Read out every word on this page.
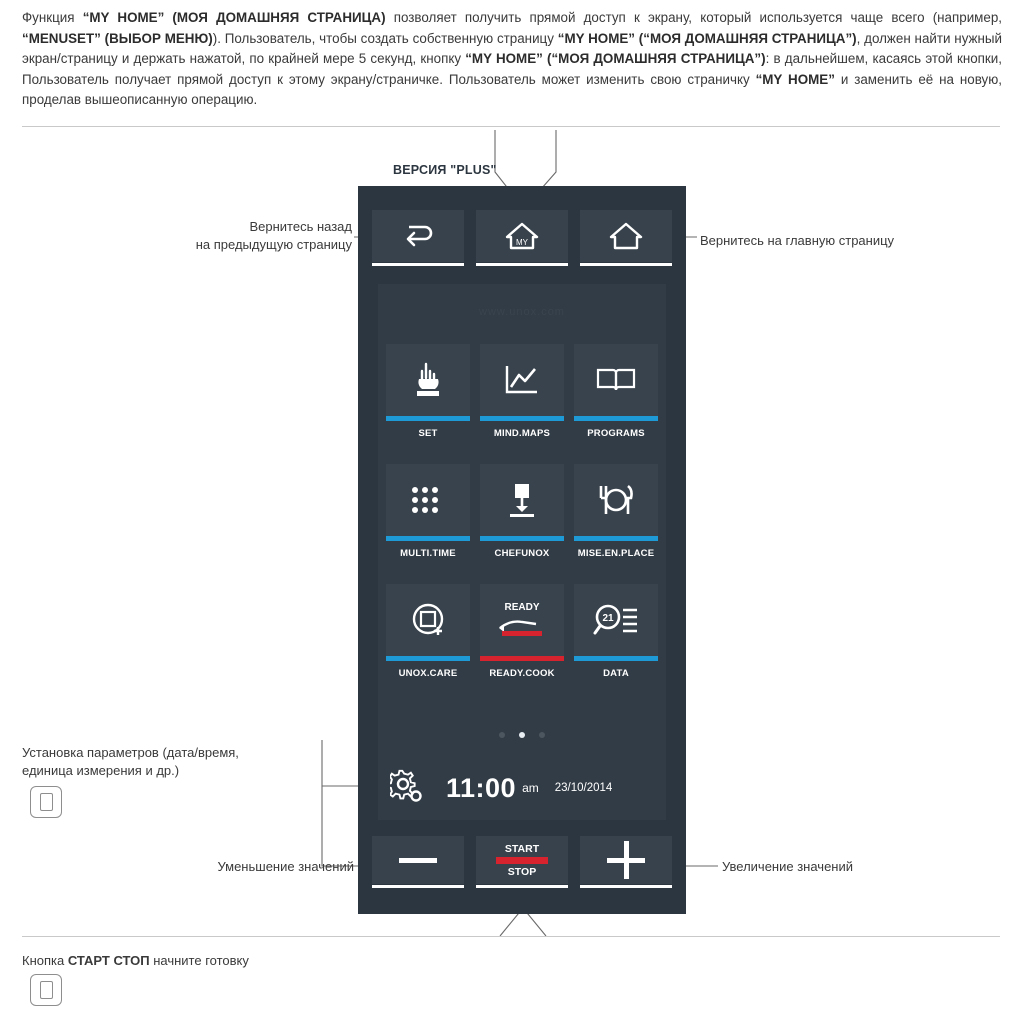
Функция “MY HOME” (МОЯ ДОМАШНЯЯ СТРАНИЦА) позволяет получить прямой доступ к экрану, который используется чаще всего (например, “MENUSET” (ВЫБОР МЕНЮ)). Пользователь, чтобы создать собственную страницу “MY HOME” (“МОЯ ДОМАШНЯЯ СТРАНИЦА”), должен найти нужный экран/страницу и держать нажатой, по крайней мере 5 секунд, кнопку “MY HOME” (“МОЯ ДОМАШНЯЯ СТРАНИЦА”): в дальнейшем, касаясь этой кнопки, Пользователь получает прямой доступ к этому экрану/страничке. Пользователь может изменить свою страничку “MY HOME” и заменить её на новую, проделав вышеописанную операцию.
ВЕРСИЯ "PLUS"
MY
www.unox.com
SET	MIND.MAPS	PROGRAMS
MULTI.TIME	CHEFUNOX	MISE.EN.PLACE
UNOX.CARE
READY
READY.COOK
21
DATA
11:00 am 23/10/2014
START
STOP
Вернитесь назад
на предыдущую страницу	Вернитесь на главную страницу
Установка параметров (дата/время,
единица измерения и др.)
Уменьшение значений	Увеличение значений
Кнопка СТАРТ СТОП начните готовку
